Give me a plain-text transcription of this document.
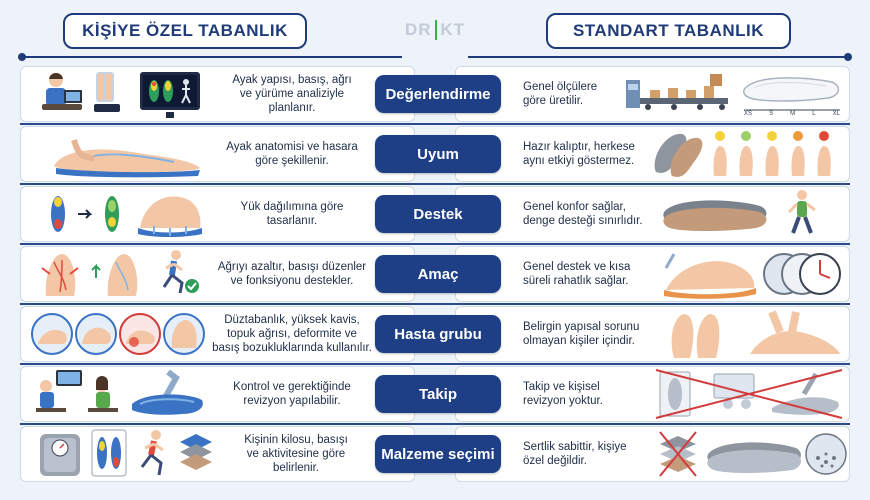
KİŞİYE ÖZEL TABANLIK	DR KT	STANDART TABANLIK
Ayak yapısı, basış, ağrı
ve yürüme analiziyle
planlanır.
Değerlendirme	Genel ölçülere
göre üretilir.
XS	S	M	L	XL
Ayak anatomisi ve hasara
göre şekillenir.	Uyum	Hazır kalıptır, herkese
aynı etkiyi göstermez.
Yük dağılımına göre
tasarlanır.	Destek	Genel konfor sağlar,
denge desteği sınırlıdır.
Ağrıyı azaltır, basışı düzenler
ve fonksiyonu destekler.	Amaç	Genel destek ve kısa
süreli rahatlık sağlar.
Düztabanlık, yüksek kavis,
topuk ağrısı, deformite ve
basış bozukluklarında kullanılır.
Hasta grubu	Belirgin yapısal sorunu
olmayan kişiler içindir.
Kontrol ve gerektiğinde
revizyon yapılabilir.	Takip	Takip ve kişisel
revizyon yoktur.
Kişinin kilosu, basışı
ve aktivitesine göre
belirlenir.
Malzeme seçimi	Sertlik sabittir, kişiye
özel değildir.
